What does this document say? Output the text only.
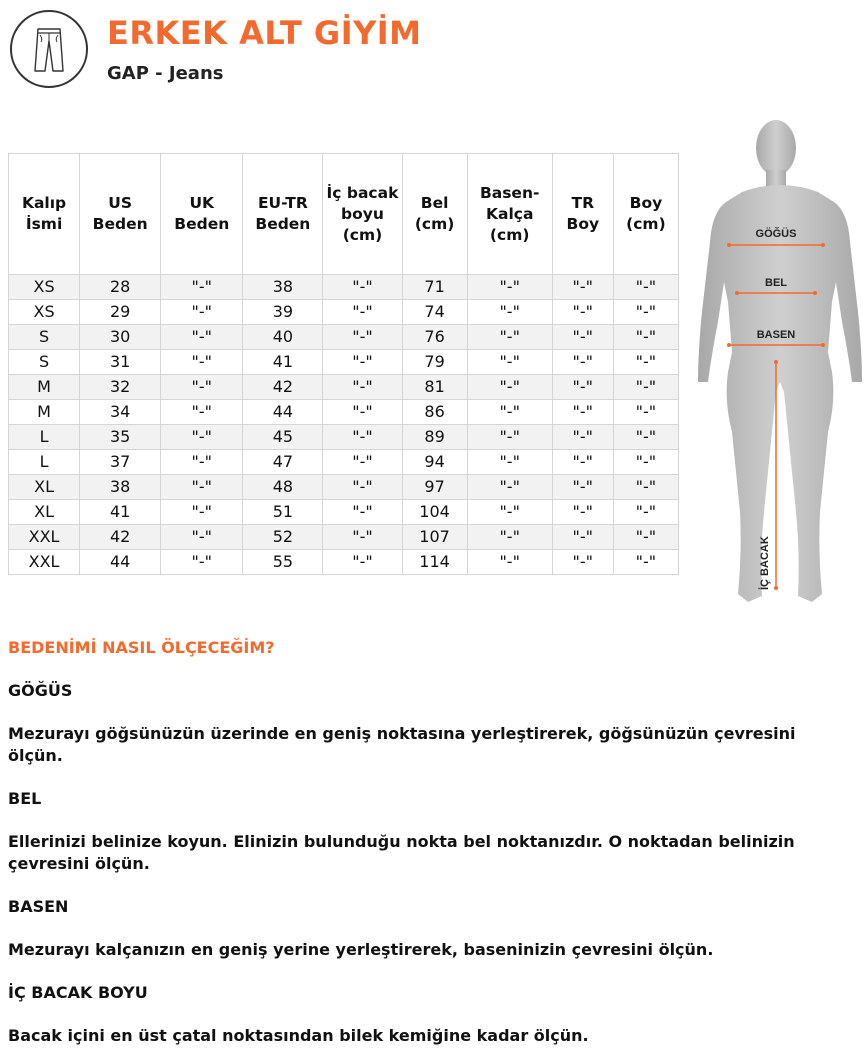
ERKEK ALT GİYİM
GAP - Jeans
Kalıp İsmi	US Beden	UK Beden	EU-TR Beden	İç bacak boyu (cm)	Bel (cm)	Basen-Kalça (cm)	TR Boy	Boy (cm)
XS	28	"-"	38	"-"	71	"-"	"-"	"-"
XS	29	"-"	39	"-"	74	"-"	"-"	"-"
S	30	"-"	40	"-"	76	"-"	"-"	"-"
S	31	"-"	41	"-"	79	"-"	"-"	"-"
M	32	"-"	42	"-"	81	"-"	"-"	"-"
M	34	"-"	44	"-"	86	"-"	"-"	"-"
L	35	"-"	45	"-"	89	"-"	"-"	"-"
L	37	"-"	47	"-"	94	"-"	"-"	"-"
XL	38	"-"	48	"-"	97	"-"	"-"	"-"
XL	41	"-"	51	"-"	104	"-"	"-"	"-"
XXL	42	"-"	52	"-"	107	"-"	"-"	"-"
XXL	44	"-"	55	"-"	114	"-"	"-"	"-"
GÖĞÜS
BEL
BASEN
İÇ BACAK
BEDENİMİ NASIL ÖLÇECEĞİM?
GÖĞÜS
Mezurayı göğsünüzün üzerinde en geniş noktasına yerleştirerek, göğsünüzün çevresini ölçün.
BEL
Ellerinizi belinize koyun. Elinizin bulunduğu nokta bel noktanızdır. O noktadan belinizin çevresini ölçün.
BASEN
Mezurayı kalçanızın en geniş yerine yerleştirerek, baseninizin çevresini ölçün.
İÇ BACAK BOYU
Bacak içini en üst çatal noktasından bilek kemiğine kadar ölçün.
